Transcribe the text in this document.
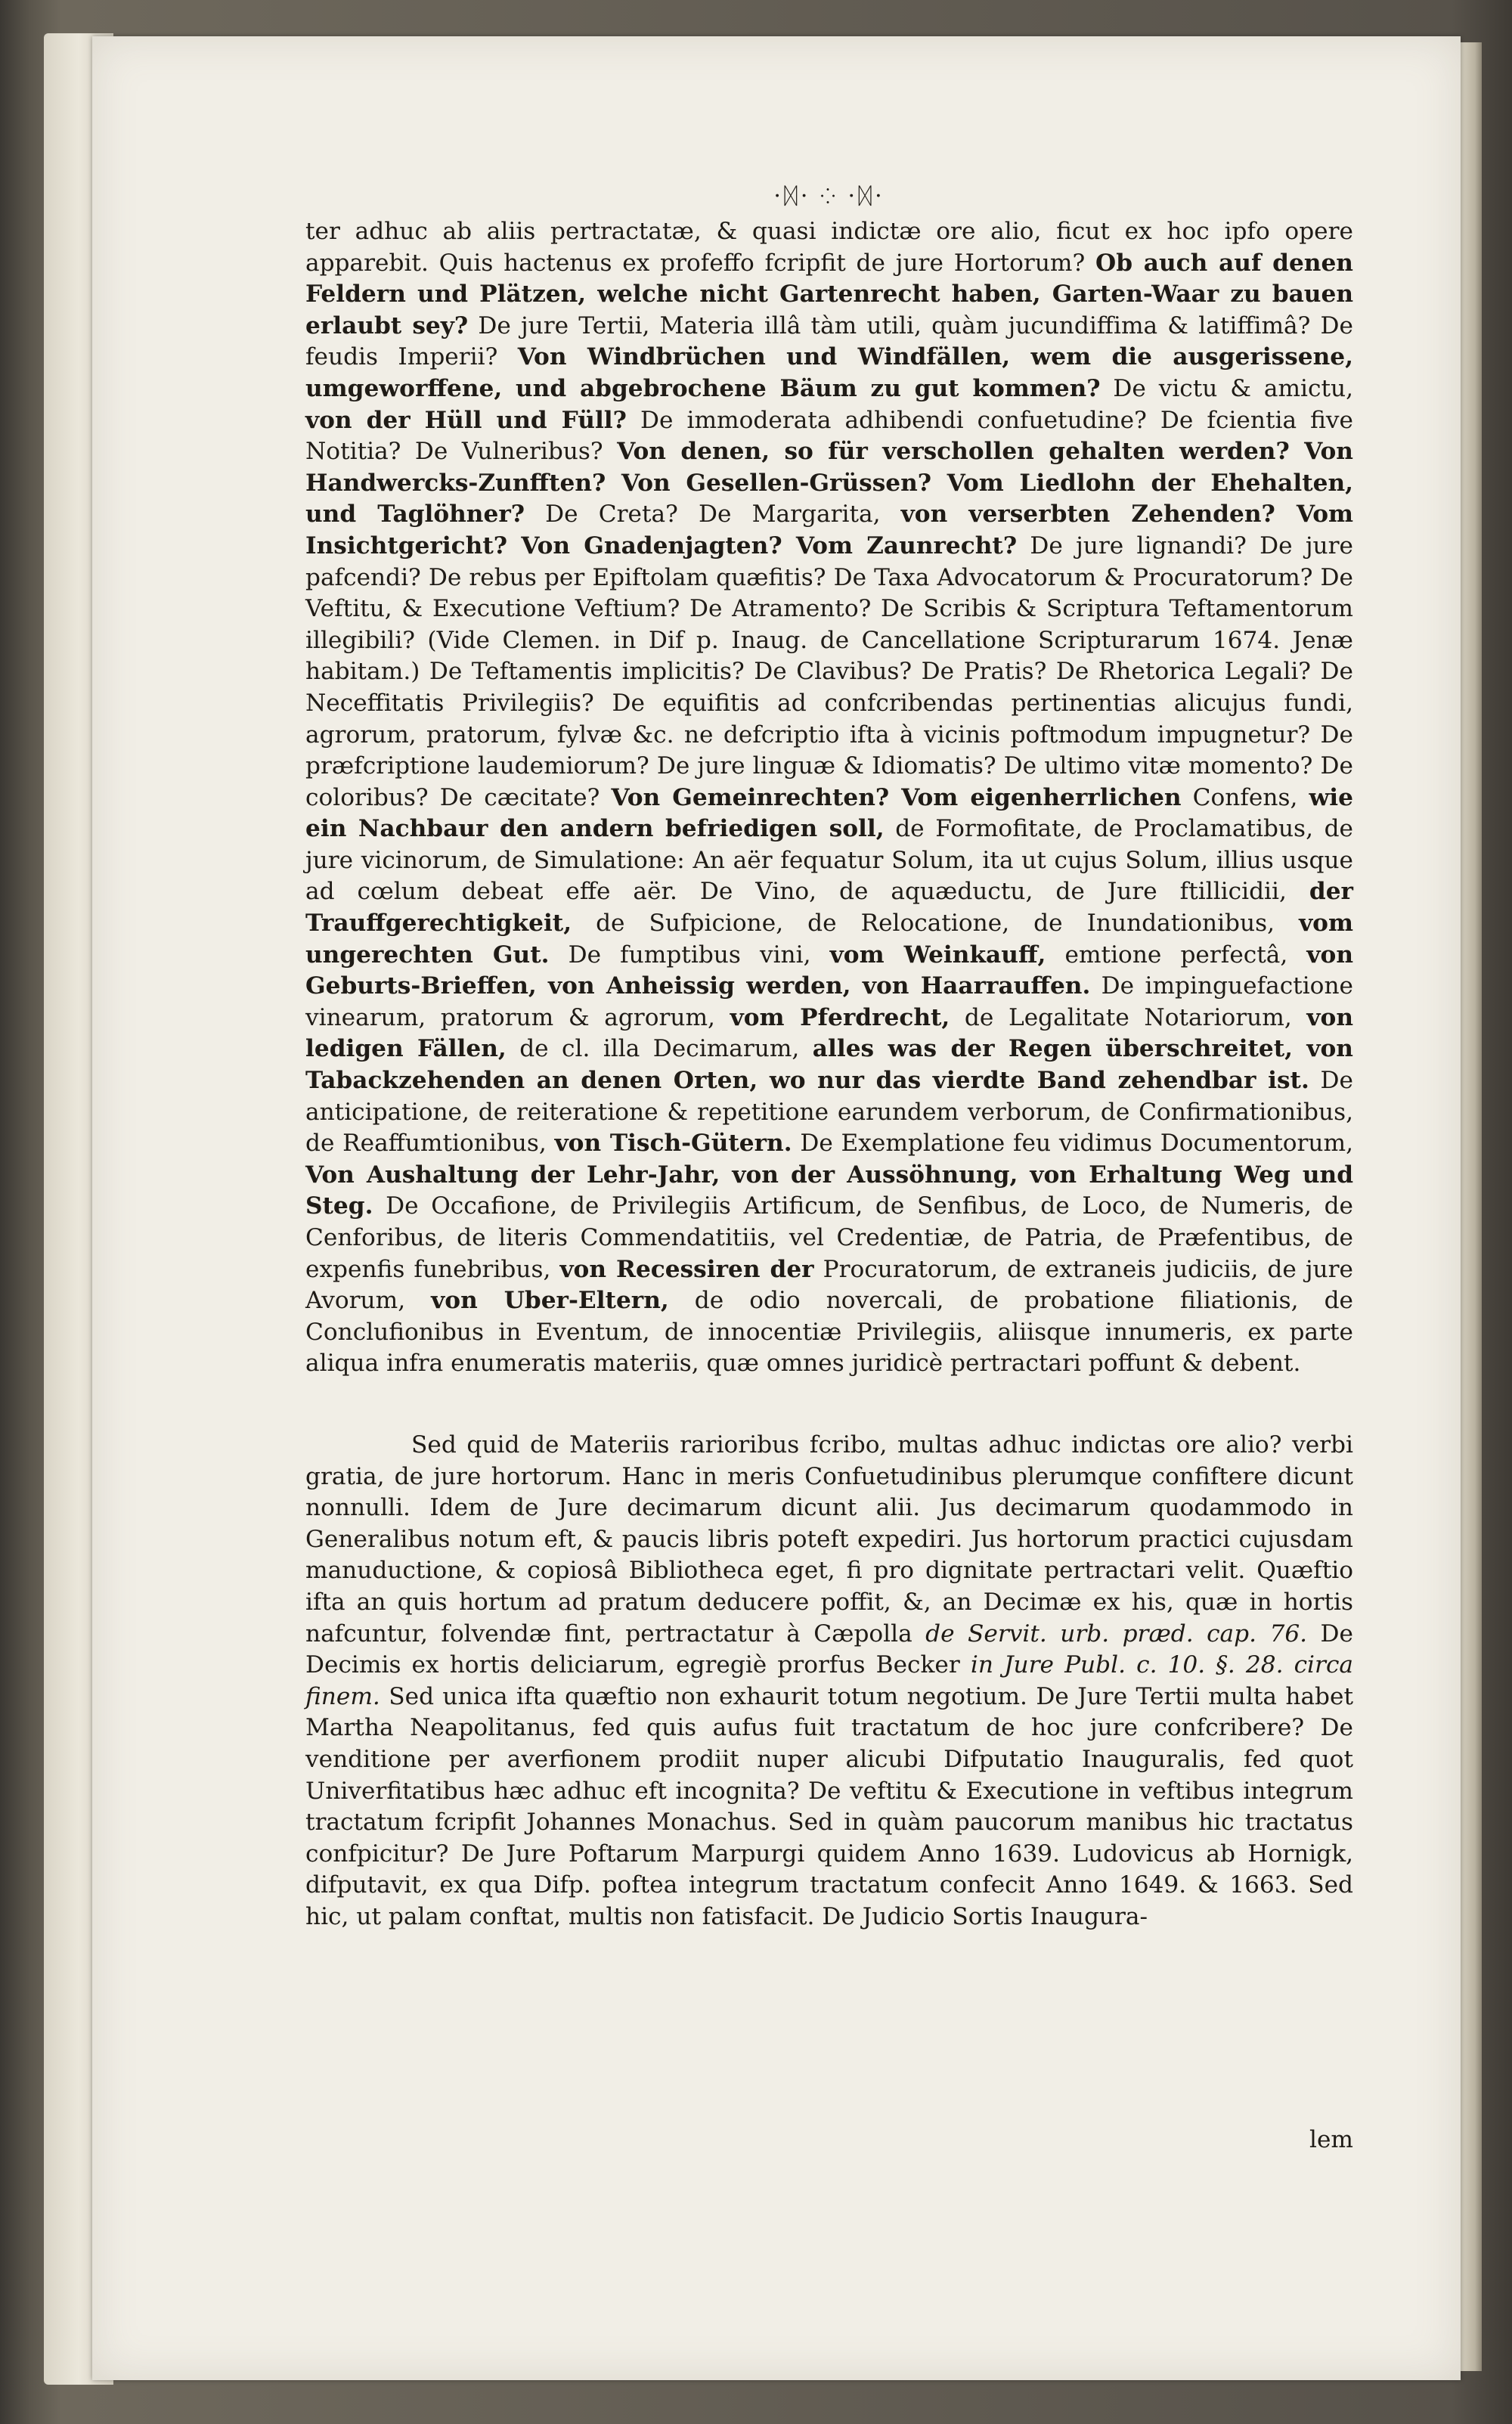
·ᛞ· ⁘ ·ᛞ·

ter adhuc ab aliis pertractatæ, & quasi indictæ ore alio, ficut ex hoc ipfo opere apparebit. Quis hactenus ex profeffo fcripfit de jure Hortorum? Ob auch auf denen Feldern und Plätzen, welche nicht Gartenrecht haben, Garten-Waar zu bauen erlaubt sey? De jure Tertii, Materia illâ tàm utili, quàm jucundiffima & latiffimâ? De feudis Imperii? Von Windbrüchen und Windfällen, wem die ausgerissene, umgeworffene, und abgebrochene Bäum zu gut kommen? De victu & amictu, von der Hüll und Füll? De immoderata adhibendi confuetudine? De fcientia five Notitia? De Vulneribus? Von denen, so für verschollen gehalten werden? Von Handwercks-Zunfften? Von Gesellen-Grüssen? Vom Liedlohn der Ehehalten, und Taglöhner? De Creta? De Margarita, von verserbten Zehenden? Vom Insichtgericht? Von Gnadenjagten? Vom Zaunrecht? De jure lignandi? De jure pafcendi? De rebus per Epiftolam quæfitis? De Taxa Advocatorum & Procuratorum? De Veftitu, & Executione Veftium? De Atramento? De Scribis & Scriptura Teftamentorum illegibili? (Vide Clemen. in Dif p. Inaug. de Cancellatione Scripturarum 1674. Jenæ habitam.) De Teftamentis implicitis? De Clavibus? De Pratis? De Rhetorica Legali? De Neceffitatis Privilegiis? De equifitis ad confcribendas pertinentias alicujus fundi, agrorum, pratorum, fylvæ &c. ne defcriptio ifta à vicinis poftmodum impugnetur? De præfcriptione laudemiorum? De jure linguæ & Idiomatis? De ultimo vitæ momento? De coloribus? De cæcitate? Von Gemeinrechten? Vom eigenherrlichen Confens, wie ein Nachbaur den andern befriedigen soll, de Formofitate, de Proclamatibus, de jure vicinorum, de Simulatione: An aër fequatur Solum, ita ut cujus Solum, illius usque ad cœlum debeat effe aër. De Vino, de aquæductu, de Jure ftillicidii, der Trauffgerechtigkeit, de Sufpicione, de Relocatione, de Inundationibus, vom ungerechten Gut. De fumptibus vini, vom Weinkauff, emtione perfectâ, von Geburts-Brieffen, von Anheissig werden, von Haarrauffen. De impinguefactione vinearum, pratorum & agrorum, vom Pferdrecht, de Legalitate Notariorum, von ledigen Fällen, de cl. illa Decimarum, alles was der Regen überschreitet, von Tabackzehenden an denen Orten, wo nur das vierdte Band zehendbar ist. De anticipatione, de reiteratione & repetitione earundem verborum, de Confirmationibus, de Reaffumtionibus, von Tisch-Gütern. De Exemplatione feu vidimus Documentorum, Von Aushaltung der Lehr-Jahr, von der Aussöhnung, von Erhaltung Weg und Steg. De Occafione, de Privilegiis Artificum, de Senfibus, de Loco, de Numeris, de Cenforibus, de literis Commendatitiis, vel Credentiæ, de Patria, de Præfentibus, de expenfis funebribus, von Recessiren der Procuratorum, de extraneis judiciis, de jure Avorum, von Uber-Eltern, de odio novercali, de probatione filiationis, de Conclufionibus in Eventum, de innocentiæ Privilegiis, aliisque innumeris, ex parte aliqua infra enumeratis materiis, quæ omnes juridicè pertractari poffunt & debent.

Sed quid de Materiis rarioribus fcribo, multas adhuc indictas ore alio? verbi gratia, de jure hortorum. Hanc in meris Confuetudinibus plerumque confiftere dicunt nonnulli. Idem de Jure decimarum dicunt alii. Jus decimarum quodammodo in Generalibus notum eft, & paucis libris poteft expediri. Jus hortorum practici cujusdam manuductione, & copiosâ Bibliotheca eget, fi pro dignitate pertractari velit. Quæftio ifta an quis hortum ad pratum deducere poffit, &, an Decimæ ex his, quæ in hortis nafcuntur, folvendæ fint, pertractatur à Cæpolla de Servit. urb. præd. cap. 76. De Decimis ex hortis deliciarum, egregiè prorfus Becker in Jure Publ. c. 10. §. 28. circa finem. Sed unica ifta quæftio non exhaurit totum negotium. De Jure Tertii multa habet Martha Neapolitanus, fed quis aufus fuit tractatum de hoc jure confcribere? De venditione per averfionem prodiit nuper alicubi Difputatio Inauguralis, fed quot Univerfitatibus hæc adhuc eft incognita? De veftitu & Executione in veftibus integrum tractatum fcripfit Johannes Monachus. Sed in quàm paucorum manibus hic tractatus confpicitur? De Jure Poftarum Marpurgi quidem Anno 1639. Ludovicus ab Hornigk, difputavit, ex qua Difp. poftea integrum tractatum confecit Anno 1649. & 1663. Sed hic, ut palam conftat, multis non fatisfacit. De Judicio Sortis Inaugura-

lem
